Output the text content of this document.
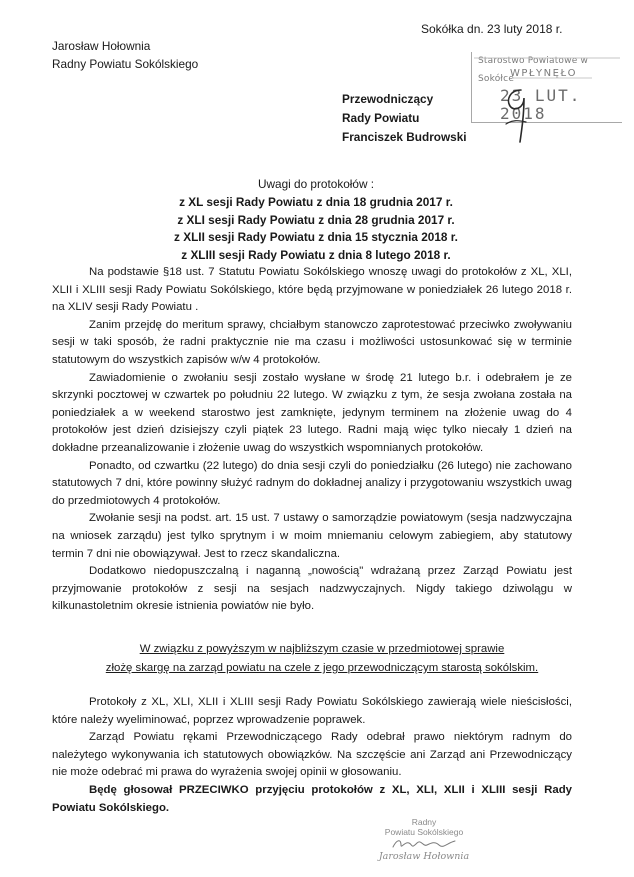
Sokółka dn. 23 luty 2018 r.
Jarosław Hołownia
Radny Powiatu Sokólskiego	Starostwo Powiatowe w Sokółce
WPŁYNĘŁO
23 LUT. 2018
Przewodniczący
Rady Powiatu
Franciszek Budrowski
Uwagi do protokołów :
z XL sesji Rady Powiatu z dnia 18 grudnia 2017 r.
z XLI sesji Rady Powiatu z dnia 28 grudnia 2017 r.
z XLII sesji Rady Powiatu z dnia 15 stycznia 2018 r.
z XLIII sesji Rady Powiatu z dnia 8 lutego 2018 r.

Na podstawie §18 ust. 7 Statutu Powiatu Sokólskiego wnoszę uwagi do protokołów z XL, XLI, XLII i XLIII sesji Rady Powiatu Sokólskiego, które będą przyjmowane w poniedziałek 26 lutego 2018 r. na XLIV sesji Rady Powiatu .

Zanim przejdę do meritum sprawy, chciałbym stanowczo zaprotestować przeciwko zwoływaniu sesji w taki sposób, że radni praktycznie nie ma czasu i możliwości ustosunkować się w terminie statutowym do wszystkich zapisów w/w 4 protokołów.

Zawiadomienie o zwołaniu sesji zostało wysłane w środę 21 lutego b.r. i odebrałem je ze skrzynki pocztowej w czwartek po południu 22 lutego. W związku z tym, że sesja zwołana została na poniedziałek a w weekend starostwo jest zamknięte, jedynym terminem na złożenie uwag do 4 protokołów jest dzień dzisiejszy czyli piątek 23 lutego. Radni mają więc tylko niecały 1 dzień na dokładne przeanalizowanie i złożenie uwag do wszystkich wspomnianych protokołów.

Ponadto, od czwartku (22 lutego) do dnia sesji czyli do poniedziałku (26 lutego) nie zachowano statutowych 7 dni, które powinny służyć radnym do dokładnej analizy i przygotowaniu wszystkich uwag do przedmiotowych 4 protokołów.

Zwołanie sesji na podst. art. 15 ust. 7 ustawy o samorządzie powiatowym (sesja nadzwyczajna na wniosek zarządu) jest tylko sprytnym i w moim mniemaniu celowym zabiegiem, aby statutowy termin 7 dni nie obowiązywał. Jest to rzecz skandaliczna.

Dodatkowo niedopuszczalną i naganną „nowością" wdrażaną przez Zarząd Powiatu jest przyjmowanie protokołów z sesji na sesjach nadzwyczajnych. Nigdy takiego dziwolągu w kilkunastoletnim okresie istnienia powiatów nie było.

W związku z powyższym w najbliższym czasie w przedmiotowej sprawie
złożę skargę na zarząd powiatu na czele z jego przewodniczącym starostą sokólskim.

Protokoły z XL, XLI, XLII i XLIII sesji Rady Powiatu Sokólskiego zawierają wiele nieścisłości, które należy wyeliminować, poprzez wprowadzenie poprawek.

Zarząd Powiatu rękami Przewodniczącego Rady odebrał prawo niektórym radnym do należytego wykonywania ich statutowych obowiązków. Na szczęście ani Zarząd ani Przewodniczący nie może odebrać mi prawa do wyrażenia swojej opinii w głosowaniu.

Będę głosował PRZECIWKO przyjęciu protokołów z XL, XLI, XLII i XLIII sesji Rady Powiatu Sokólskiego.

Radny
Powiatu Sokólskiego
Jarosław Hołownia
